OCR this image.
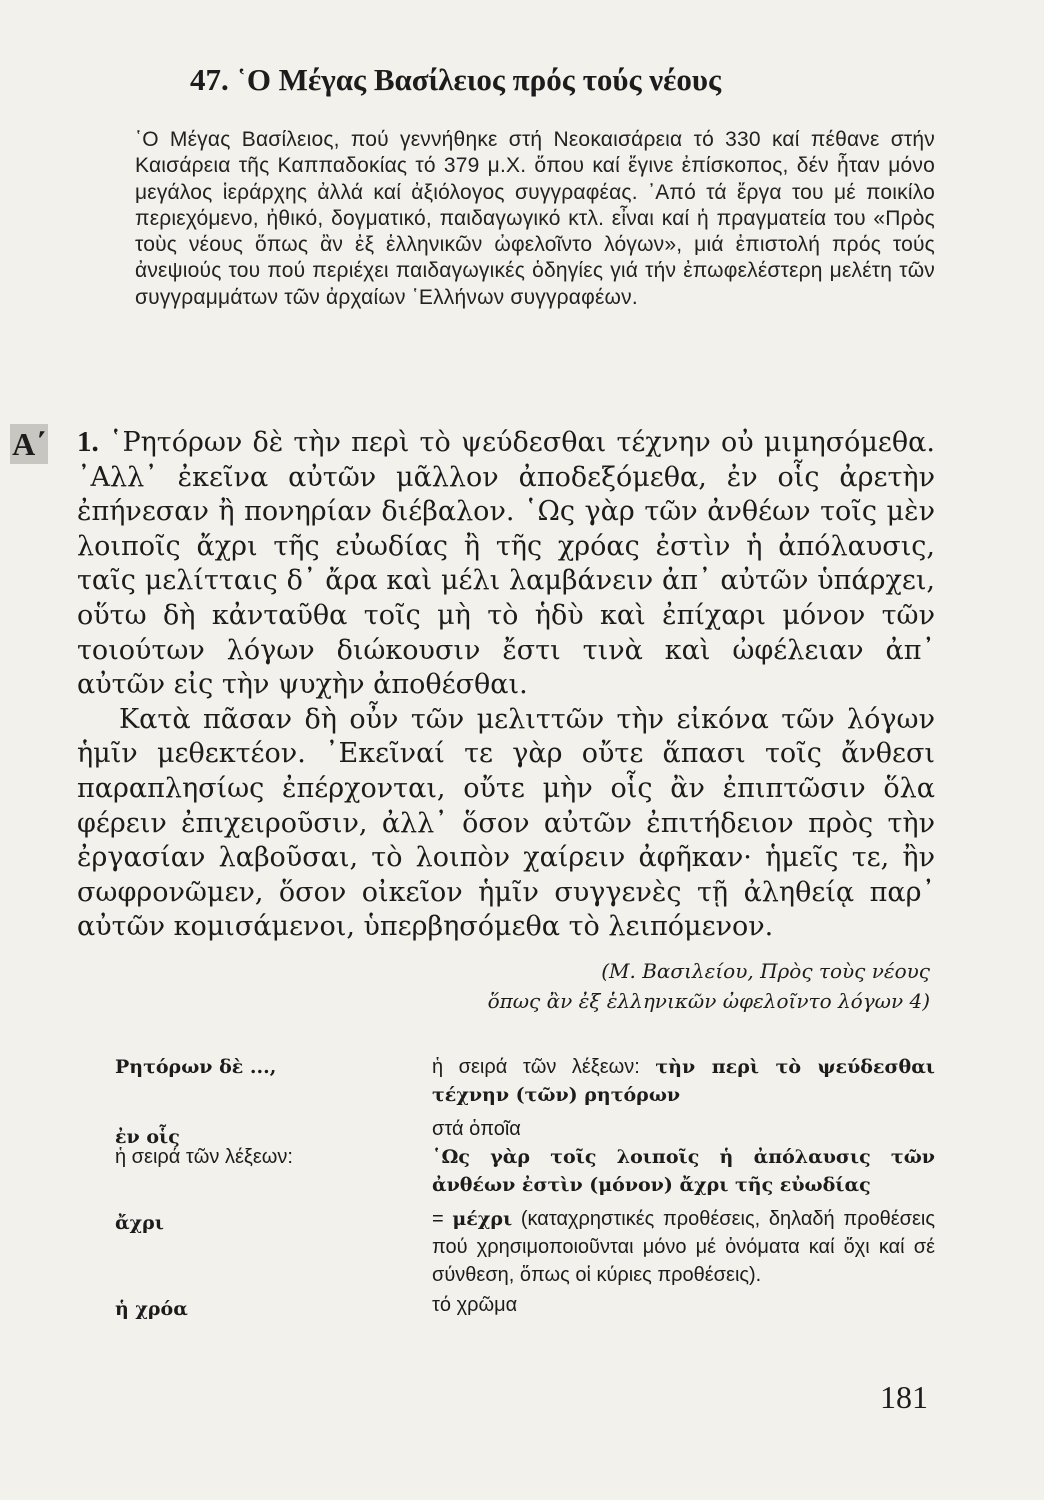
47. ῾Ο Μέγας Βασίλειος πρός τούς νέους
῾Ο Μέγας Βασίλειος, πού γεννήθηκε στή Νεοκαισάρεια τό 330 καί πέθανε στήν Καισάρεια τῆς Καππαδοκίας τό 379 μ.Χ. ὅπου καί ἔγινε ἐπίσκοπος, δέν ἦταν μόνο μεγάλος ἱεράρχης ἀλλά καί ἀξιόλογος συγγραφέας. ᾿Από τά ἔργα του μέ ποικίλο περιεχόμενο, ἠθικό, δογματικό, παιδαγωγικό κτλ. εἶναι καί ἡ πραγματεία του «Πρὸς τοὺς νέους ὅπως ἂν ἐξ ἑλληνικῶν ὠφελοῖντο λόγων», μιά ἐπιστολή πρός τούς ἀνεψιούς του πού περιέχει παιδαγωγικές ὁδηγίες γιά τήν ἐπωφελέστερη μελέτη τῶν συγγραμμάτων τῶν ἀρχαίων ῾Ελλήνων συγγραφέων.
Α΄ 1. ῾Ρητόρων δὲ τὴν περὶ τὸ ψεύδεσθαι τέχνην οὐ μιμησόμεθα. ᾿Αλλ᾿ ἐκεῖνα αὐτῶν μᾶλλον ἀποδεξόμεθα, ἐν οἷς ἀρετὴν ἐπήνεσαν ἢ πονηρίαν διέβαλον. ῾Ως γὰρ τῶν ἀνθέων τοῖς μὲν λοιποῖς ἄχρι τῆς εὐωδίας ἢ τῆς χρόας ἐστὶν ἡ ἀπόλαυσις, ταῖς μελίτταις δ᾿ ἄρα καὶ μέλι λαμβάνειν ἀπ᾿ αὐτῶν ὑπάρχει, οὕτω δὴ κἀνταῦθα τοῖς μὴ τὸ ἡδὺ καὶ ἐπίχαρι μόνον τῶν τοιούτων λόγων διώκουσιν ἔστι τινὰ καὶ ὠφέλειαν ἀπ᾿ αὐτῶν εἰς τὴν ψυχὴν ἀποθέσθαι.

Κατὰ πᾶσαν δὴ οὖν τῶν μελιττῶν τὴν εἰκόνα τῶν λόγων ἡμῖν μεθεκτέον. ᾿Εκεῖναί τε γὰρ οὔτε ἅπασι τοῖς ἄνθεσι παραπλησίως ἐπέρχονται, οὔτε μὴν οἷς ἂν ἐπιπτῶσιν ὅλα φέρειν ἐπιχειροῦσιν, ἀλλ᾿ ὅσον αὐτῶν ἐπιτήδειον πρὸς τὴν ἐργασίαν λαβοῦσαι, τὸ λοιπὸν χαίρειν ἀφῆκαν· ἡμεῖς τε, ἢν σωφρονῶμεν, ὅσον οἰκεῖον ἡμῖν συγγενὲς τῇ ἀληθείᾳ παρ᾿ αὐτῶν κομισάμενοι, ὑπερβησόμεθα τὸ λειπόμενον.

(Μ. Βασιλείου, Πρὸς τοὺς νέους
ὅπως ἂν ἐξ ἑλληνικῶν ὠφελοῖντο λόγων 4)
Ρητόρων δὲ ...,	ἡ σειρά τῶν λέξεων: τὴν περὶ τὸ ψεύδεσθαι τέχνην (τῶν) ρητόρων
ἐν οἷς	στά ὁποῖα
ἡ σειρά τῶν λέξεων:	῾Ως γὰρ τοῖς λοιποῖς ἡ ἀπόλαυσις τῶν ἀνθέων ἐστὶν (μόνον) ἄχρι τῆς εὐωδίας
ἄχρι	= μέχρι (καταχρηστικές προθέσεις, δηλαδή προθέσεις πού χρησιμοποιοῦνται μόνο μέ ὀνόματα καί ὄχι καί σέ σύνθεση, ὅπως οἱ κύριες προθέσεις).
ἡ χρόα	τό χρῶμα
181
